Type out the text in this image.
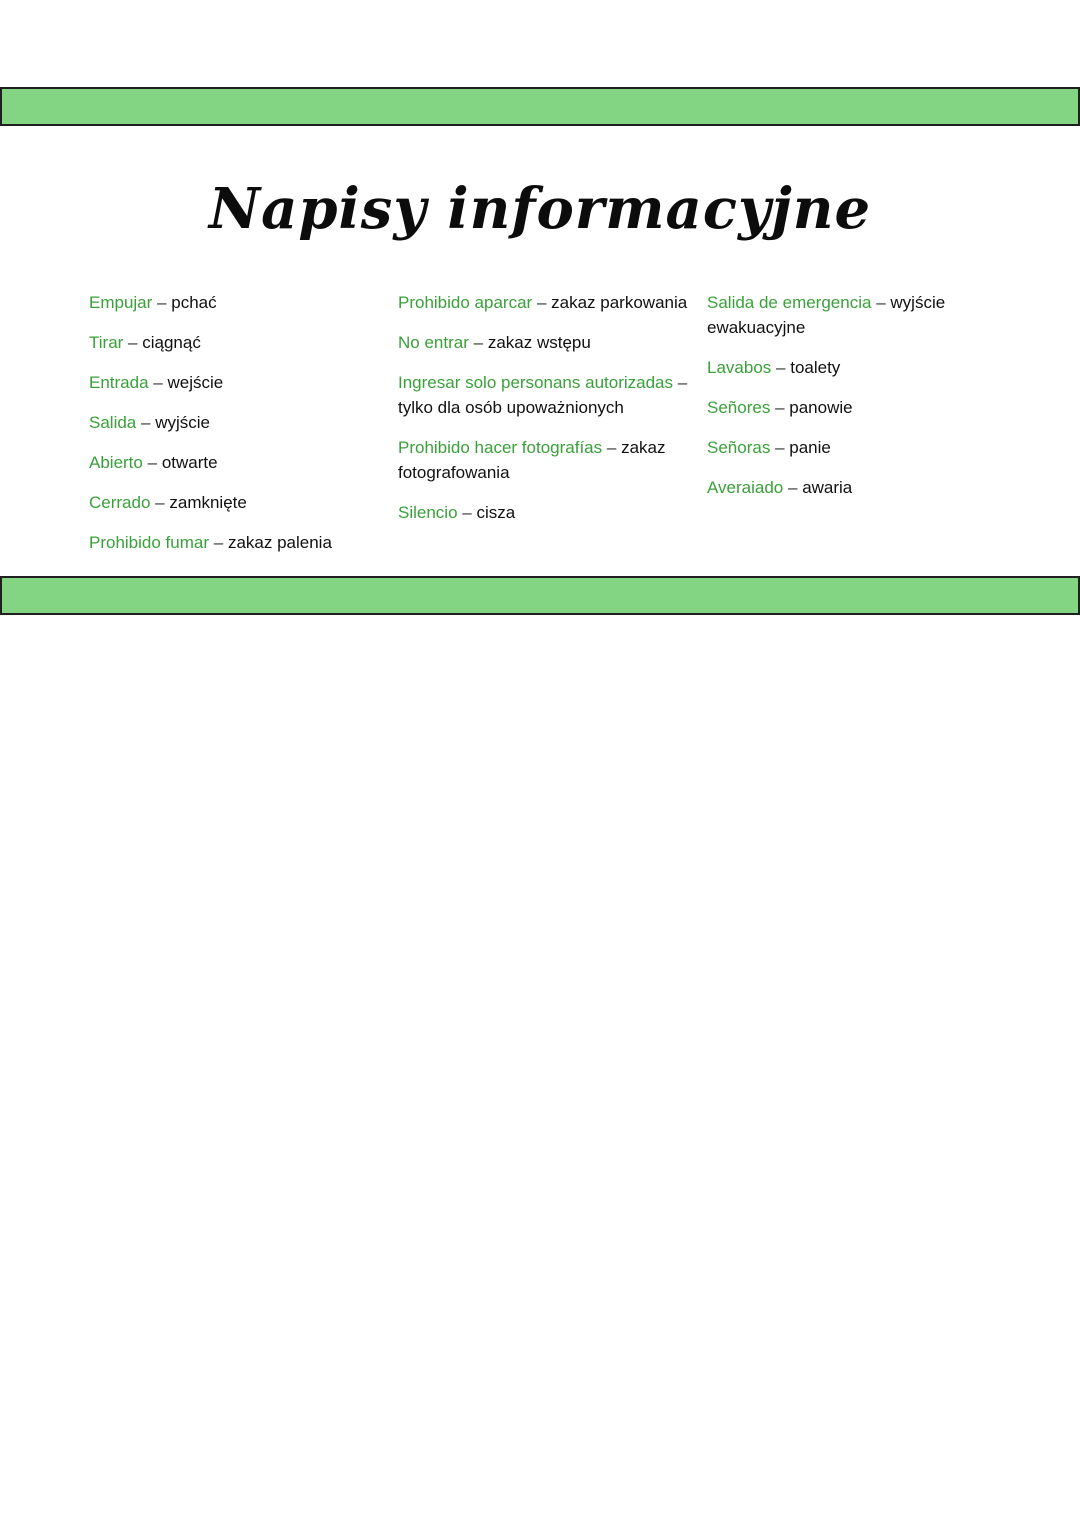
Napisy informacyjne

Empujar – pchać

Tirar – ciągnąć

Entrada – wejście

Salida – wyjście

Abierto – otwarte

Cerrado – zamknięte

Prohibido fumar – zakaz palenia

Prohibido aparcar – zakaz parkowania

No entrar – zakaz wstępu

Ingresar solo personans autorizadas – tylko dla osób upoważnionych

Prohibido hacer fotografías – zakaz fotografowania

Silencio – cisza

Salida de emergencia – wyjście ewakuacyjne

Lavabos – toalety

Señores – panowie

Señoras – panie

Averaiado – awaria
